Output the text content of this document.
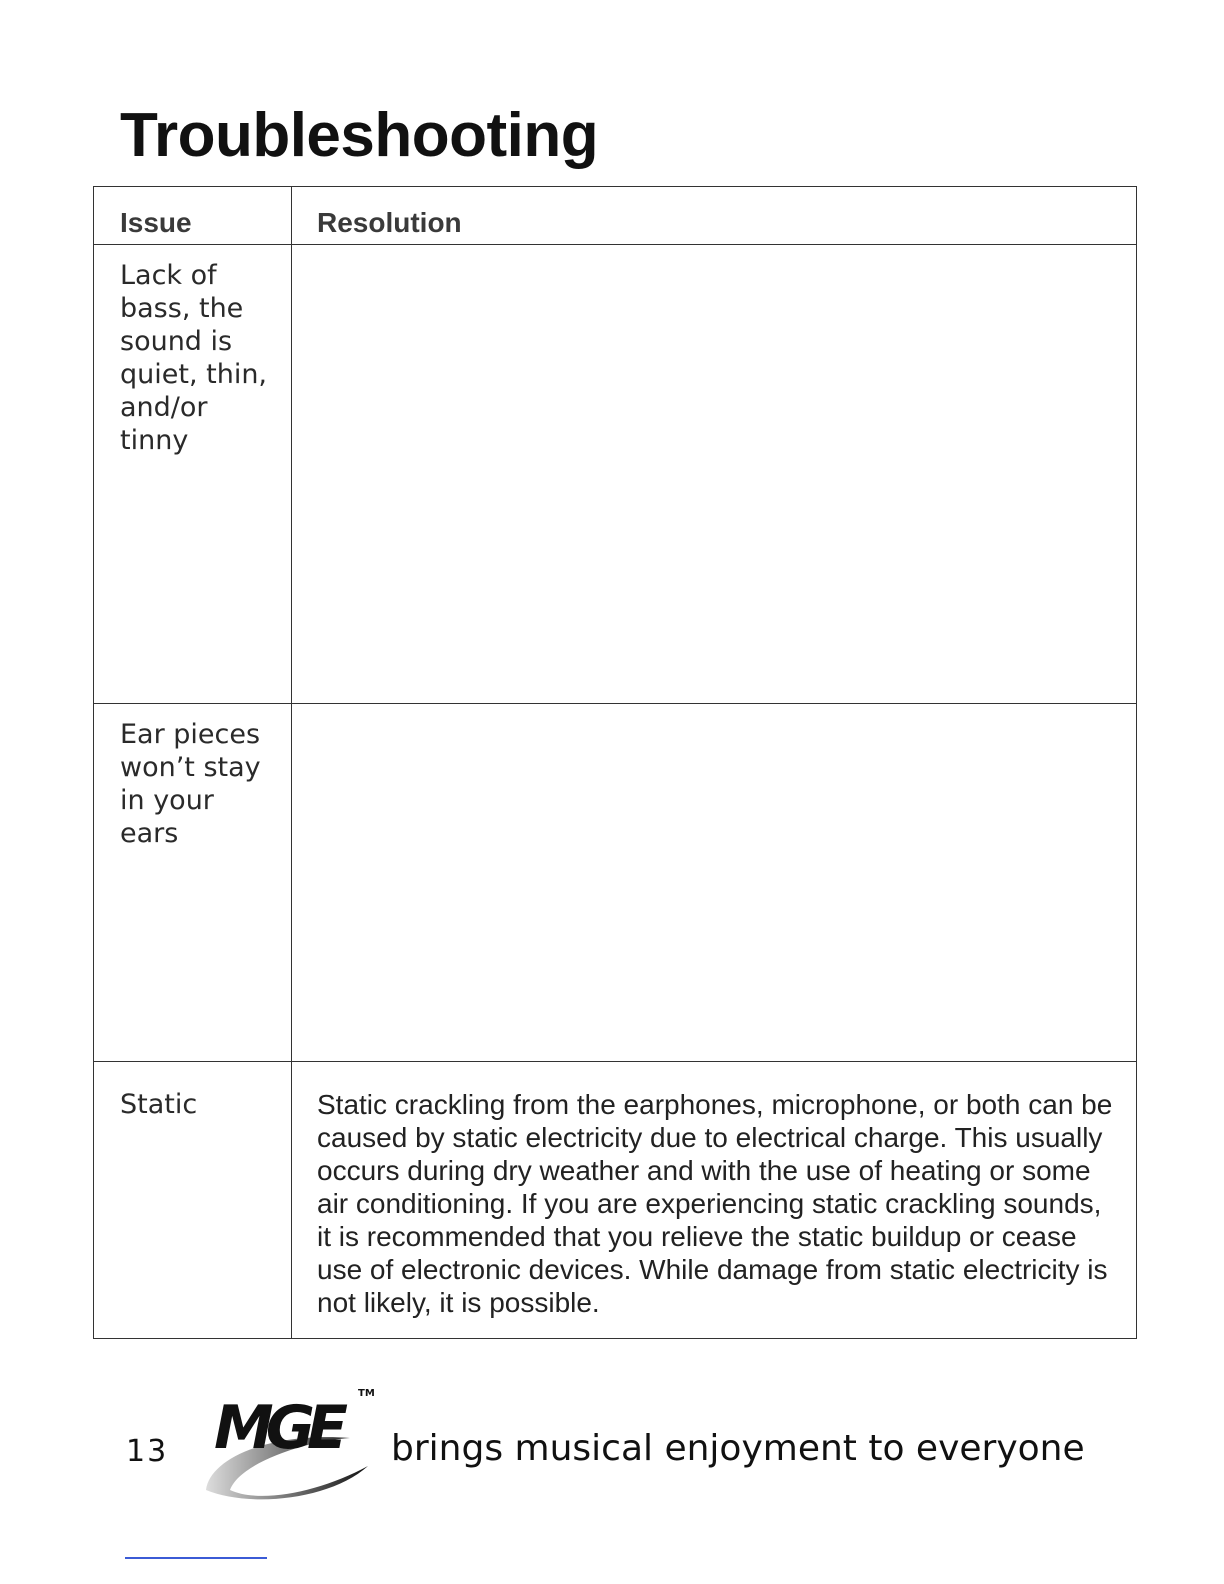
Troubleshooting
Issue	Resolution

Lack of bass, the sound is quiet, thin, and/or tinny	

Ear pieces won’t stay in your ears	

Static	Static crackling from the earphones, microphone, or both can be caused by static electricity due to electrical charge. This usually occurs during dry weather and with the use of heating or some air conditioning. If you are experiencing static crackling sounds, it is recommended that you relieve the static buildup or cease use of electronic devices. While damage from static electricity is not likely, it is possible.
13 MGE	TM
brings musical enjoyment to everyone
